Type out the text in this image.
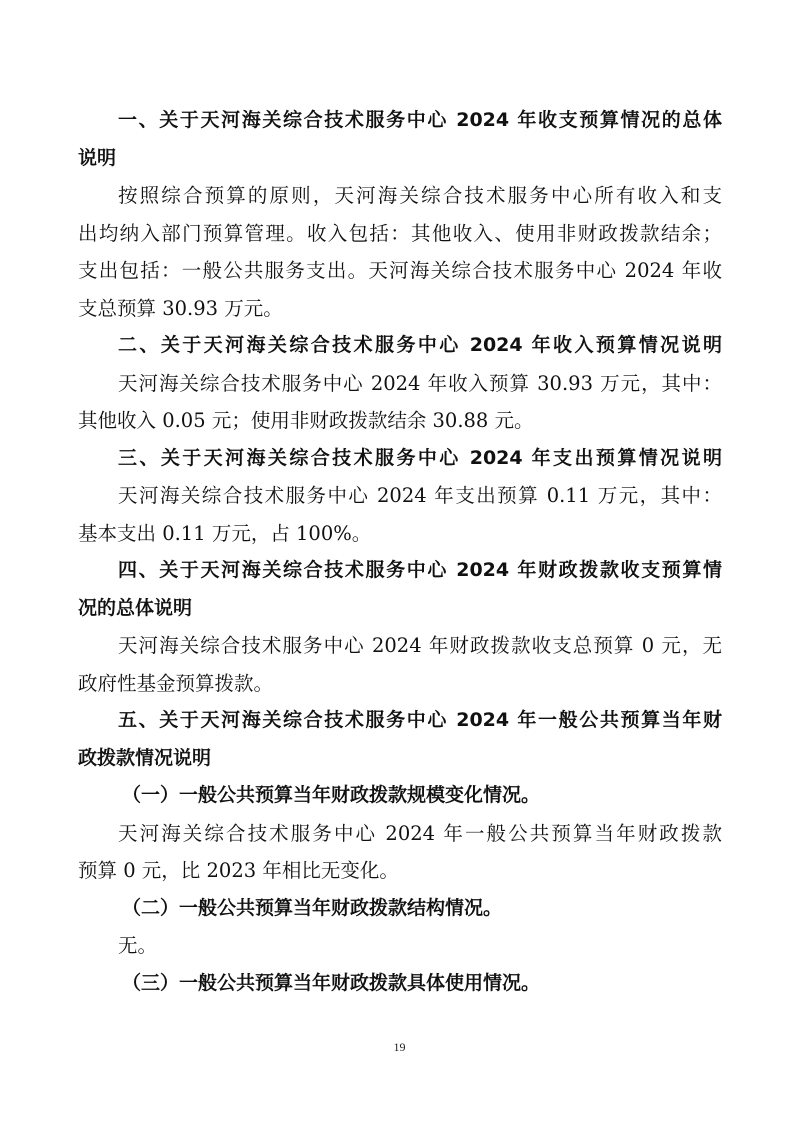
一、关于天河海关综合技术服务中心 2024 年收支预算情况的总体
说明
按照综合预算的原则，天河海关综合技术服务中心所有收入和支
出均纳入部门预算管理。收入包括：其他收入、使用非财政拨款结余；
支出包括：一般公共服务支出。天河海关综合技术服务中心 2024 年收
支总预算 30.93 万元。
二、关于天河海关综合技术服务中心 2024 年收入预算情况说明
天河海关综合技术服务中心 2024 年收入预算 30.93 万元，其中：
其他收入 0.05 元；使用非财政拨款结余 30.88 元。
三、关于天河海关综合技术服务中心 2024 年支出预算情况说明
天河海关综合技术服务中心 2024 年支出预算 0.11 万元，其中：
基本支出 0.11 万元，占 100%。
四、关于天河海关综合技术服务中心 2024 年财政拨款收支预算情
况的总体说明
天河海关综合技术服务中心 2024 年财政拨款收支总预算 0 元，无
政府性基金预算拨款。
五、关于天河海关综合技术服务中心 2024 年一般公共预算当年财
政拨款情况说明
（一）一般公共预算当年财政拨款规模变化情况。
天河海关综合技术服务中心 2024 年一般公共预算当年财政拨款
预算 0 元，比 2023 年相比无变化。
（二）一般公共预算当年财政拨款结构情况。
无。
（三）一般公共预算当年财政拨款具体使用情况。
19
